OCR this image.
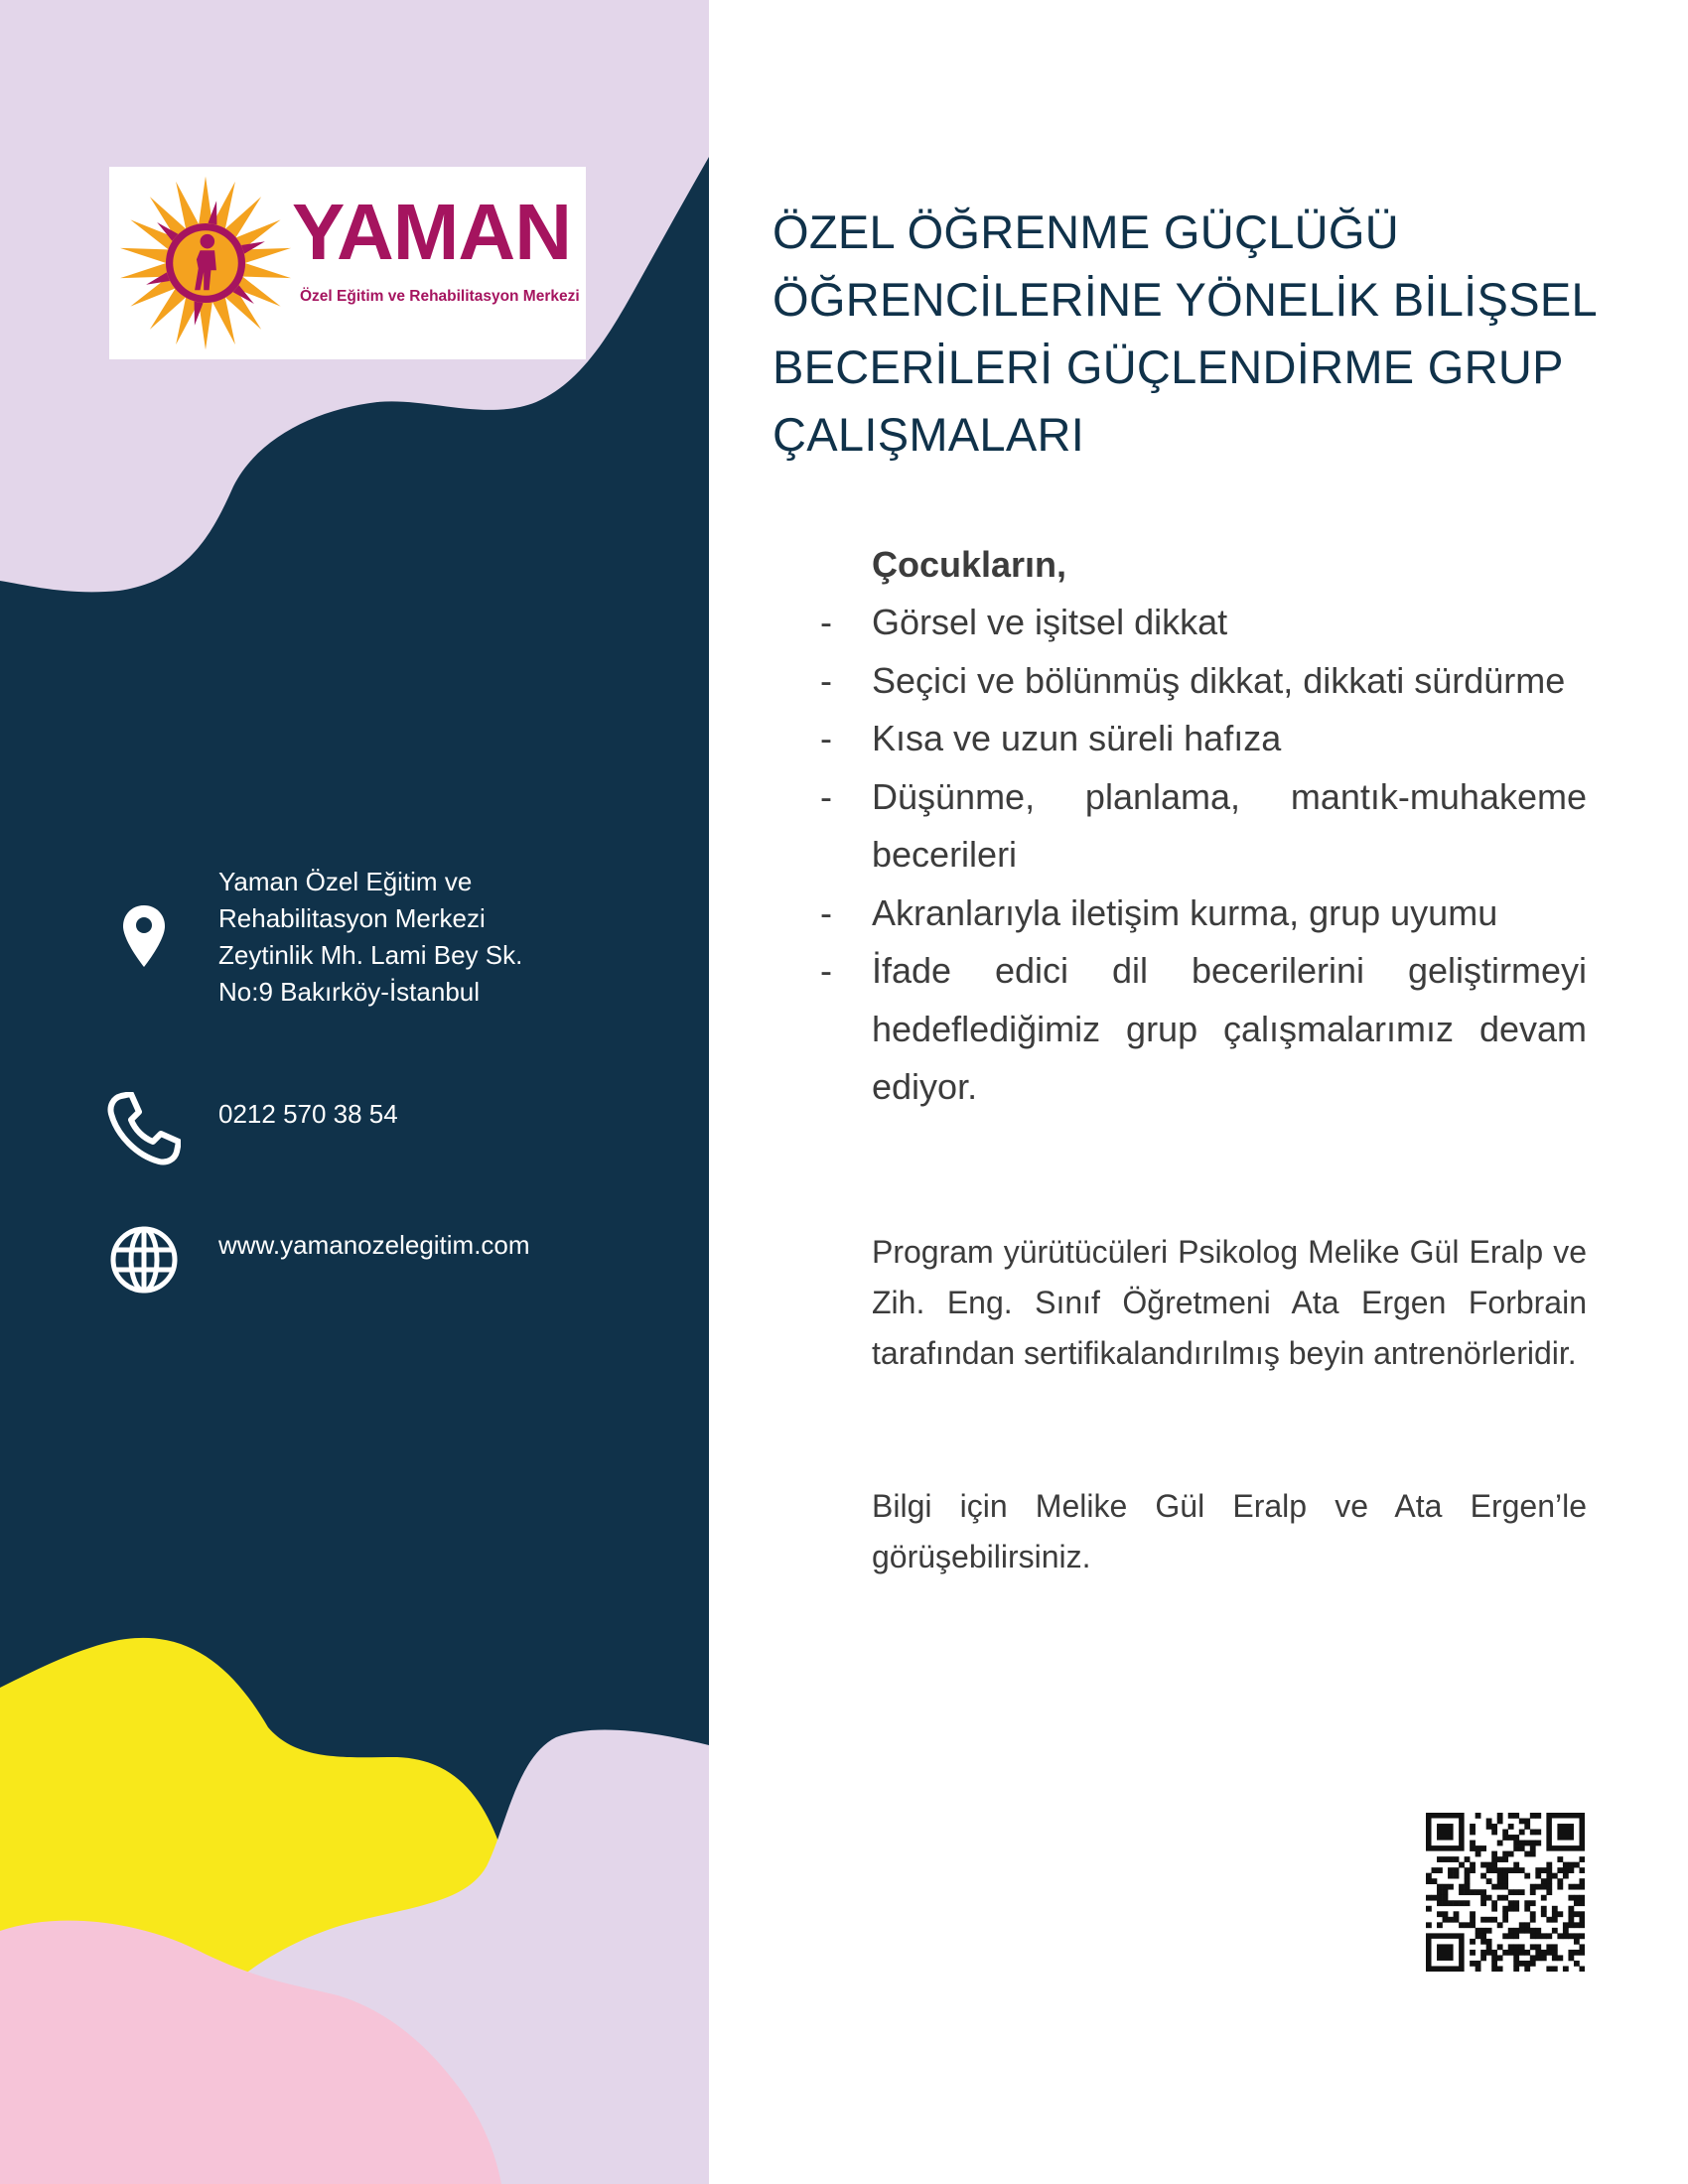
YAMAN
Özel Eğitim ve Rehabilitasyon Merkezi
Yaman Özel Eğitim ve
Rehabilitasyon Merkezi
Zeytinlik Mh. Lami Bey Sk.
No:9 Bakırköy-İstanbul
0212 570 38 54
www.yamanozelegitim.com
ÖZEL ÖĞRENME GÜÇLÜĞÜ
ÖĞRENCİLERİNE YÖNELİK BİLİŞSEL
BECERİLERİ GÜÇLENDİRME GRUP
ÇALIŞMALARI
Çocukların,
- Görsel ve işitsel dikkat
- Seçici ve bölünmüş dikkat, dikkati sürdürme
- Kısa ve uzun süreli hafıza
- Düşünme, planlama, mantık-muhakeme becerileri
- Akranlarıyla iletişim kurma, grup uyumu
- İfade edici dil becerilerini geliştirmeyi hedeflediğimiz grup çalışmalarımız devam ediyor.
Program yürütücüleri Psikolog Melike Gül Eralp ve Zih. Eng. Sınıf Öğretmeni Ata Ergen Forbrain tarafından sertifikalandırılmış beyin antrenörleridir.
Bilgi için Melike Gül Eralp ve Ata Ergen’le görüşebilirsiniz.
